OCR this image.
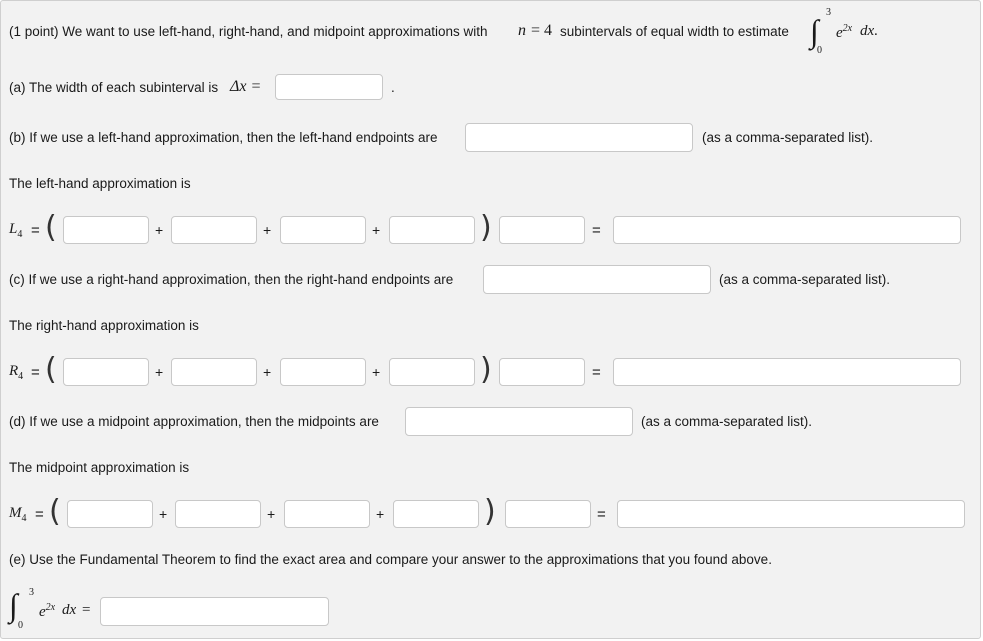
(1 point) We want to use left-hand, right-hand, and midpoint approximations with n = 4 subintervals of equal width to estimate ∫
3
0
$e^{2x}$ dx .
(a) The width of each subinterval is Δx =	.
(b) If we use a left-hand approximation, then the left-hand endpoints are	(as a comma-separated list).
The left-hand approximation is
$L_4$ = (	+	+	+	)	=
(c) If we use a right-hand approximation, then the right-hand endpoints are	(as a comma-separated list).
The right-hand approximation is
$R_4$ = (	+	+	+	)	=
(d) If we use a midpoint approximation, then the midpoints are	(as a comma-separated list).
The midpoint approximation is
$M_4$ = (	+	+	+	)	=
(e) Use the Fundamental Theorem to find the exact area and compare your answer to the approximations that you found above.
∫ 3
0
$e^{2x}$ dx =
